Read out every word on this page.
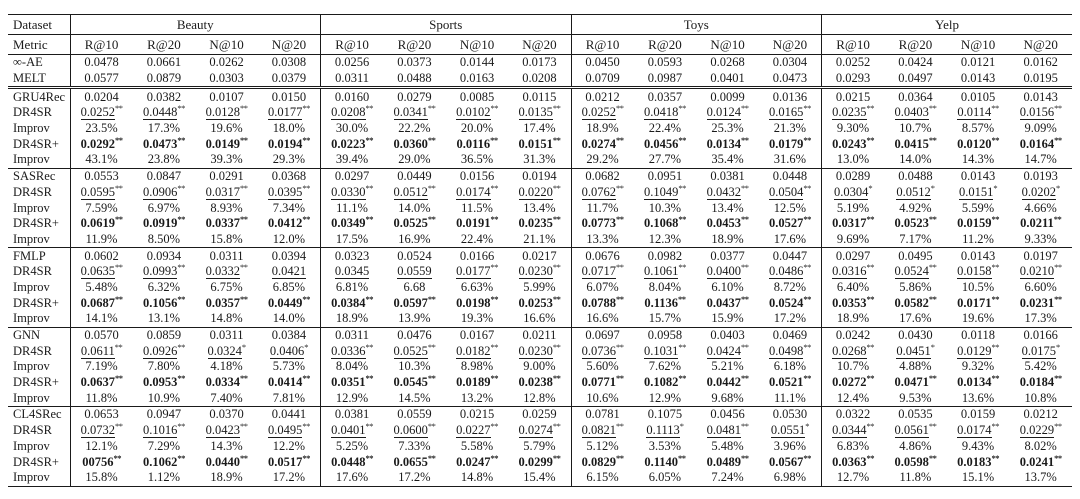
Dataset	Beauty				Sports				Toys				Yelp			
Metric	R@10	R@20	N@10	N@20	R@10	R@20	N@10	N@20	R@10	R@20	N@10	N@20	R@10	R@20	N@10	N@20
∞-AE	0.0478	0.0661	0.0262	0.0308	0.0256	0.0373	0.0144	0.0173	0.0450	0.0593	0.0268	0.0304	0.0252	0.0424	0.0121	0.0162
MELT	0.0577	0.0879	0.0303	0.0379	0.0311	0.0488	0.0163	0.0208	0.0709	0.0987	0.0401	0.0473	0.0293	0.0497	0.0143	0.0195
GRU4Rec	0.0204	0.0382	0.0107	0.0150	0.0160	0.0279	0.0085	0.0115	0.0212	0.0357	0.0099	0.0136	0.0215	0.0364	0.0105	0.0143
DR4SR	0.0252**	0.0448**	0.0128**	0.0177**	0.0208**	0.0341**	0.0102**	0.0135**	0.0252**	0.0418**	0.0124**	0.0165**	0.0235**	0.0403**	0.0114**	0.0156**
Improv	23.5%	17.3%	19.6%	18.0%	30.0%	22.2%	20.0%	17.4%	18.9%	22.4%	25.3%	21.3%	9.30%	10.7%	8.57%	9.09%
DR4SR+	0.0292**	0.0473**	0.0149**	0.0194**	0.0223**	0.0360**	0.0116**	0.0151**	0.0274**	0.0456**	0.0134**	0.0179**	0.0243**	0.0415**	0.0120**	0.0164**
Improv	43.1%	23.8%	39.3%	29.3%	39.4%	29.0%	36.5%	31.3%	29.2%	27.7%	35.4%	31.6%	13.0%	14.0%	14.3%	14.7%
SASRec	0.0553	0.0847	0.0291	0.0368	0.0297	0.0449	0.0156	0.0194	0.0682	0.0951	0.0381	0.0448	0.0289	0.0488	0.0143	0.0193
DR4SR	0.0595**	0.0906**	0.0317**	0.0395**	0.0330**	0.0512**	0.0174**	0.0220**	0.0762**	0.1049**	0.0432**	0.0504**	0.0304*	0.0512*	0.0151*	0.0202*
Improv	7.59%	6.97%	8.93%	7.34%	11.1%	14.0%	11.5%	13.4%	11.7%	10.3%	13.4%	12.5%	5.19%	4.92%	5.59%	4.66%
DR4SR+	0.0619**	0.0919**	0.0337**	0.0412**	0.0349**	0.0525**	0.0191**	0.0235**	0.0773**	0.1068**	0.0453**	0.0527**	0.0317**	0.0523**	0.0159**	0.0211**
Improv	11.9%	8.50%	15.8%	12.0%	17.5%	16.9%	22.4%	21.1%	13.3%	12.3%	18.9%	17.6%	9.69%	7.17%	11.2%	9.33%
FMLP	0.0602	0.0934	0.0311	0.0394	0.0323	0.0524	0.0166	0.0217	0.0676	0.0982	0.0377	0.0447	0.0297	0.0495	0.0143	0.0197
DR4SR	0.0635**	0.0993**	0.0332**	0.0421	0.0345	0.0559	0.0177**	0.0230**	0.0717**	0.1061**	0.0400**	0.0486**	0.0316**	0.0524**	0.0158**	0.0210**
Improv	5.48%	6.32%	6.75%	6.85%	6.81%	6.68	6.63%	5.99%	6.07%	8.04%	6.10%	8.72%	6.40%	5.86%	10.5%	6.60%
DR4SR+	0.0687**	0.1056**	0.0357**	0.0449**	0.0384**	0.0597**	0.0198**	0.0253**	0.0788**	0.1136**	0.0437**	0.0524**	0.0353**	0.0582**	0.0171**	0.0231**
Improv	14.1%	13.1%	14.8%	14.0%	18.9%	13.9%	19.3%	16.6%	16.6%	15.7%	15.9%	17.2%	18.9%	17.6%	19.6%	17.3%
GNN	0.0570	0.0859	0.0311	0.0384	0.0311	0.0476	0.0167	0.0211	0.0697	0.0958	0.0403	0.0469	0.0242	0.0430	0.0118	0.0166
DR4SR	0.0611**	0.0926**	0.0324*	0.0406*	0.0336**	0.0525**	0.0182**	0.0230**	0.0736**	0.1031**	0.0424**	0.0498**	0.0268**	0.0451*	0.0129**	0.0175*
Improv	7.19%	7.80%	4.18%	5.73%	8.04%	10.3%	8.98%	9.00%	5.60%	7.62%	5.21%	6.18%	10.7%	4.88%	9.32%	5.42%
DR4SR+	0.0637**	0.0953**	0.0334**	0.0414**	0.0351**	0.0545**	0.0189**	0.0238**	0.0771**	0.1082**	0.0442**	0.0521**	0.0272**	0.0471**	0.0134**	0.0184**
Improv	11.8%	10.9%	7.40%	7.81%	12.9%	14.5%	13.2%	12.8%	10.6%	12.9%	9.68%	11.1%	12.4%	9.53%	13.6%	10.8%
CL4SRec	0.0653	0.0947	0.0370	0.0441	0.0381	0.0559	0.0215	0.0259	0.0781	0.1075	0.0456	0.0530	0.0322	0.0535	0.0159	0.0212
DR4SR	0.0732**	0.1016**	0.0423**	0.0495**	0.0401**	0.0600**	0.0227**	0.0274**	0.0821**	0.1113*	0.0481**	0.0551*	0.0344**	0.0561**	0.0174**	0.0229**
Improv	12.1%	7.29%	14.3%	12.2%	5.25%	7.33%	5.58%	5.79%	5.12%	3.53%	5.48%	3.96%	6.83%	4.86%	9.43%	8.02%
DR4SR+	00756**	0.1062**	0.0440**	0.0517**	0.0448**	0.0655**	0.0247**	0.0299**	0.0829**	0.1140**	0.0489**	0.0567**	0.0363**	0.0598**	0.0183**	0.0241**
Improv	15.8%	1.12%	18.9%	17.2%	17.6%	17.2%	14.8%	15.4%	6.15%	6.05%	7.24%	6.98%	12.7%	11.8%	15.1%	13.7%
